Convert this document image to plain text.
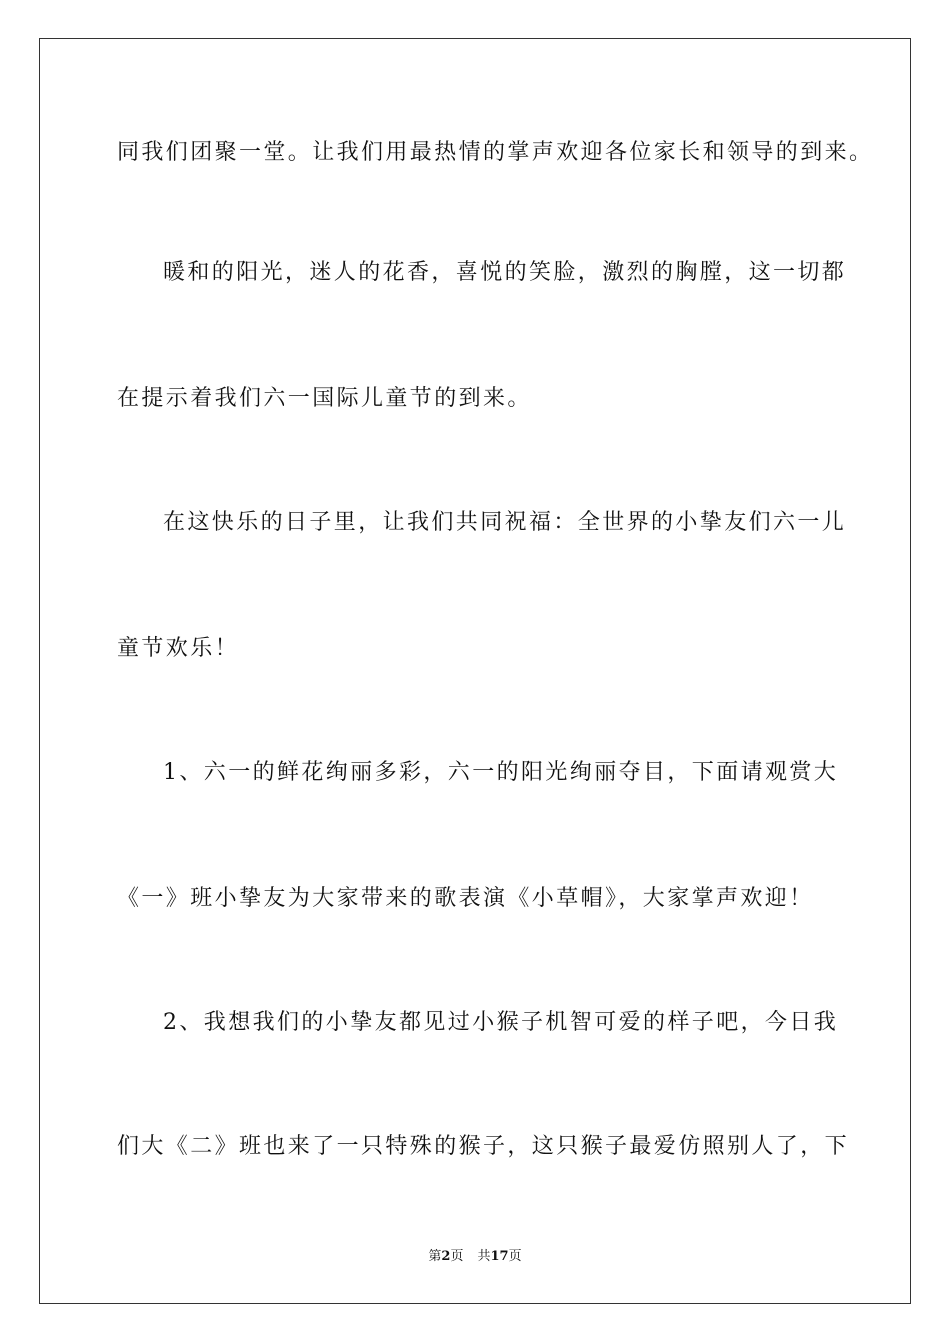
同我们团聚一堂。让我们用最热情的掌声欢迎各位家长和领导的到来。
暖和的阳光，迷人的花香，喜悦的笑脸，激烈的胸膛，这一切都
在提示着我们六一国际儿童节的到来。
在这快乐的日子里，让我们共同祝福：全世界的小挚友们六一儿
童节欢乐！
1、六一的鲜花绚丽多彩，六一的阳光绚丽夺目，下面请观赏大
《一》班小挚友为大家带来的歌表演《小草帽》，大家掌声欢迎！
2、我想我们的小挚友都见过小猴子机智可爱的样子吧，今日我
们大《二》班也来了一只特殊的猴子，这只猴子最爱仿照别人了，下
第2页 共17页
